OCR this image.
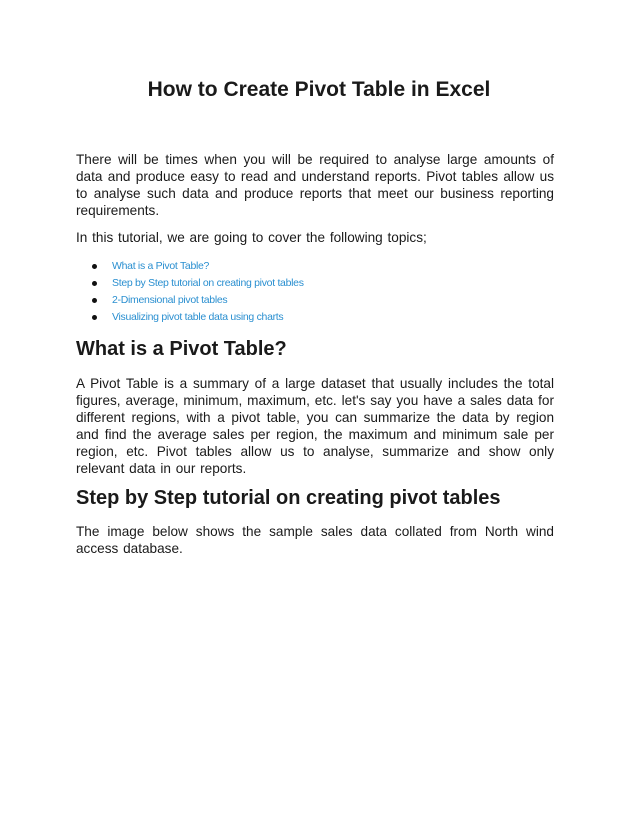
How to Create Pivot Table in Excel

There will be times when you will be required to analyse large amounts of data and produce easy to read and understand reports. Pivot tables allow us to analyse such data and produce reports that meet our business reporting requirements.

In this tutorial, we are going to cover the following topics;

What is a Pivot Table?
Step by Step tutorial on creating pivot tables
2-Dimensional pivot tables
Visualizing pivot table data using charts
What is a Pivot Table?

A Pivot Table is a summary of a large dataset that usually includes the total figures, average, minimum, maximum, etc. let's say you have a sales data for different regions, with a pivot table, you can summarize the data by region and find the average sales per region, the maximum and minimum sale per region, etc. Pivot tables allow us to analyse, summarize and show only relevant data in our reports.

Step by Step tutorial on creating pivot tables

The image below shows the sample sales data collated from North wind access database.
